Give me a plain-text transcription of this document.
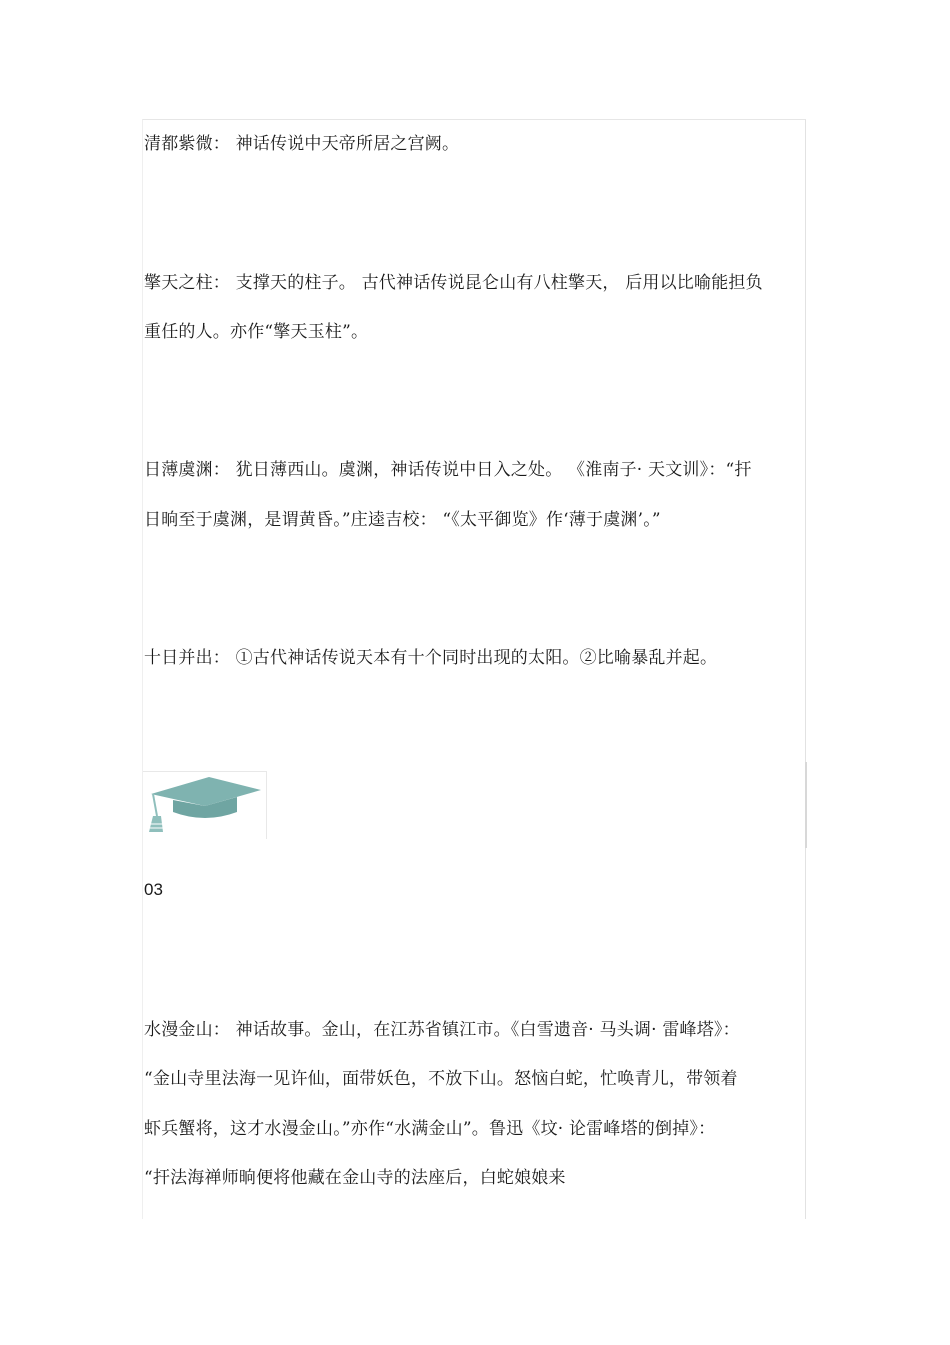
清都紫微： 神话传说中天帝所居之宫阙。
擎天之柱： 支撑天的柱子。 古代神话传说昆仑山有八柱擎天， 后用以比喻能担负
重任的人。亦作“擎天玉柱”。
日薄虞渊： 犹日薄西山。虞渊，神话传说中日入之处。 《淮南子· 天文训》：“扞
日晌至于虞渊，是谓黄昏。”庄逵吉校： “《太平御览》作‘薄于虞渊’。”
十日并出： ①古代神话传说天本有十个同时出现的太阳。②比喻暴乱并起。
03
水漫金山： 神话故事。金山，在江苏省镇江市。《白雪遗音· 马头调· 雷峰塔》：
“金山寺里法海一见许仙，面带妖色，不放下山。怒恼白蛇，忙唤青儿，带领着
虾兵蟹将，这才水漫金山。”亦作“水满金山”。鲁迅《坟· 论雷峰塔的倒掉》：
“扞法海禅师晌便将他藏在金山寺的法座后，白蛇娘娘来
